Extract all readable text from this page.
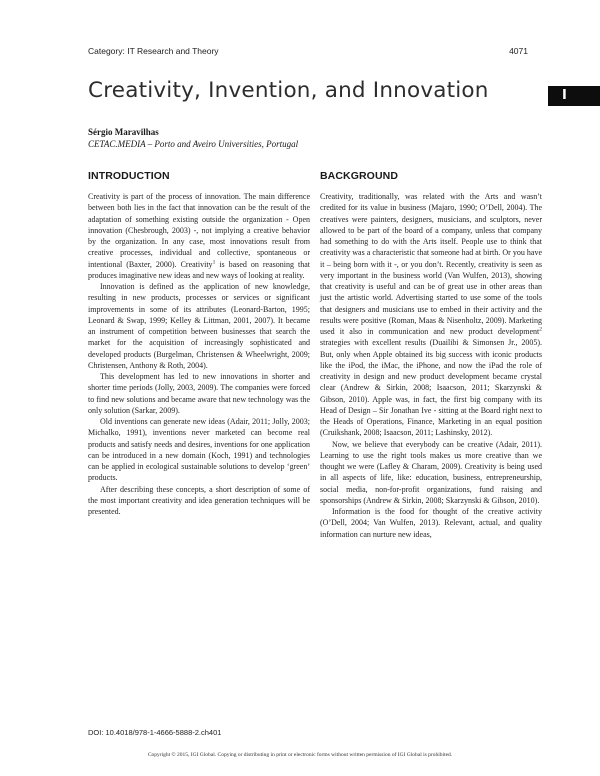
Category: IT Research and Theory	4071
Creativity, Invention, and Innovation	I
Sérgio Maravilhas
CETAC.MEDIA – Porto and Aveiro Universities, Portugal
INTRODUCTION

Creativity is part of the process of innovation. The main difference between both lies in the fact that innovation can be the result of the adaptation of something existing outside the organization - Open innovation (Chesbrough, 2003) -, not implying a creative behavior by the organization. In any case, most innovations result from creative processes, individual and collective, spontaneous or intentional (Baxter, 2000). Creativity$^1$ is based on reasoning that produces imaginative new ideas and new ways of looking at reality.

Innovation is defined as the application of new knowledge, resulting in new products, processes or services or significant improvements in some of its attributes (Leonard-Barton, 1995; Leonard & Swap, 1999; Kelley & Littman, 2001, 2007). It became an instrument of competition between businesses that search the market for the acquisition of increasingly sophisticated and developed products (Burgelman, Christensen & Wheelwright, 2009; Christensen, Anthony & Roth, 2004).

This development has led to new innovations in shorter and shorter time periods (Jolly, 2003, 2009). The companies were forced to find new solutions and became aware that new technology was the only solution (Sarkar, 2009).

Old inventions can generate new ideas (Adair, 2011; Jolly, 2003; Michalko, 1991), inventions never marketed can become real products and satisfy needs and desires, inventions for one application can be introduced in a new domain (Koch, 1991) and technologies can be applied in ecological sustainable solutions to develop ‘green’ products.

After describing these concepts, a short description of some of the most important creativity and idea generation techniques will be presented.

BACKGROUND

Creativity, traditionally, was related with the Arts and wasn’t credited for its value in business (Majaro, 1990; O’Dell, 2004). The creatives were painters, designers, musicians, and sculptors, never allowed to be part of the board of a company, unless that company had something to do with the Arts itself. People use to think that creativity was a characteristic that someone had at birth. Or you have it – being born with it -, or you don’t. Recently, creativity is seen as very important in the business world (Van Wulfen, 2013), showing that creativity is useful and can be of great use in other areas than just the artistic world. Advertising started to use some of the tools that designers and musicians use to embed in their activity and the results were positive (Roman, Maas & Nisenholtz, 2009). Marketing used it also in communication and new product development$^2$ strategies with excellent results (Duailibi & Simonsen Jr., 2005). But, only when Apple obtained its big success with iconic products like the iPod, the iMac, the iPhone, and now the iPad the role of creativity in design and new product development became crystal clear (Andrew & Sirkin, 2008; Isaacson, 2011; Skarzynski & Gibson, 2010). Apple was, in fact, the first big company with its Head of Design – Sir Jonathan Ive - sitting at the Board right next to the Heads of Operations, Finance, Marketing in an equal position (Cruikshank, 2008; Isaacson, 2011; Lashinsky, 2012).

Now, we believe that everybody can be creative (Adair, 2011). Learning to use the right tools makes us more creative than we thought we were (Lafley & Charam, 2009). Creativity is being used in all aspects of life, like: education, business, entrepreneurship, social media, non-for-profit organizations, fund raising and sponsorships (Andrew & Sirkin, 2008; Skarzynski & Gibson, 2010).

Information is the food for thought of the creative activity (O’Dell, 2004; Van Wulfen, 2013). Relevant, actual, and quality information can nurture new ideas,

DOI: 10.4018/978-1-4666-5888-2.ch401
Copyright © 2015, IGI Global. Copying or distributing in print or electronic forms without written permission of IGI Global is prohibited.
